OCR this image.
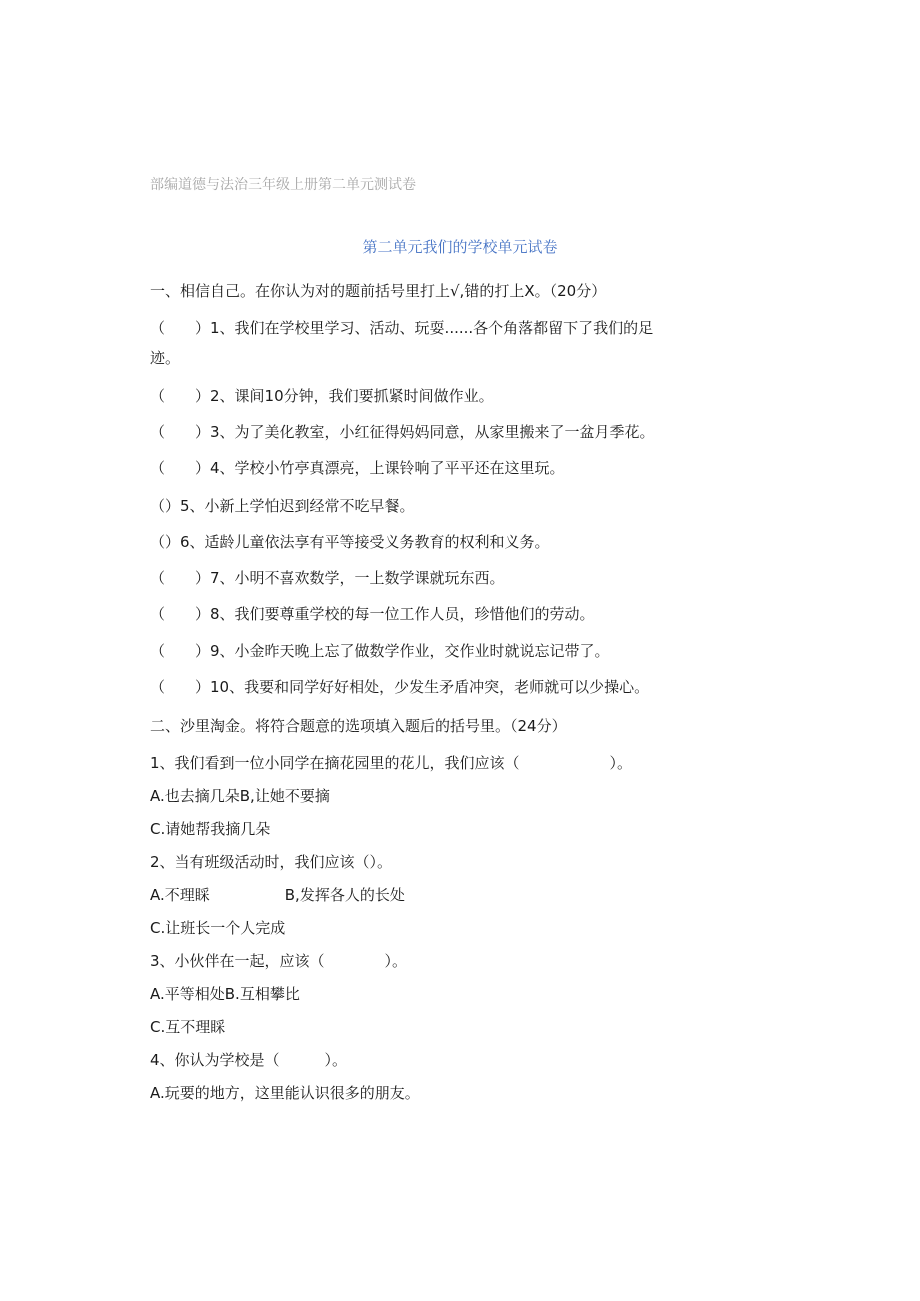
部编道德与法治三年级上册第二单元测试卷
第二单元我们的学校单元试卷
一、相信自己。在你认为对的题前括号里打上√,错的打上X。（20分）
（　　）1、我们在学校里学习、活动、玩耍......各个角落都留下了我们的足
迹。
（　　）2、课间10分钟，我们要抓紧时间做作业。
（　　）3、为了美化教室，小红征得妈妈同意，从家里搬来了一盆月季花。
（　　）4、学校小竹亭真漂亮，上课铃响了平平还在这里玩。
（）5、小新上学怕迟到经常不吃早餐。
（）6、适龄儿童依法享有平等接受义务教育的权利和义务。
（　　）7、小明不喜欢数学，一上数学课就玩东西。
（　　）8、我们要尊重学校的每一位工作人员，珍惜他们的劳动。
（　　）9、小金昨天晚上忘了做数学作业，交作业时就说忘记带了。
（　　）10、我要和同学好好相处，少发生矛盾冲突，老师就可以少操心。
二、沙里淘金。将符合题意的选项填入题后的括号里。（24分）
1、我们看到一位小同学在摘花园里的花儿，我们应该（　　　　　　）。
A.也去摘几朵B,让她不要摘
C.请她帮我摘几朵
2、当有班级活动时，我们应该（）。
A.不理睬　　　　　B,发挥各人的长处
C.让班长一个人完成
3、小伙伴在一起，应该（　　　　）。
A.平等相处B.互相攀比
C.互不理睬
4、你认为学校是（　　　）。
A.玩要的地方，这里能认识很多的朋友。
